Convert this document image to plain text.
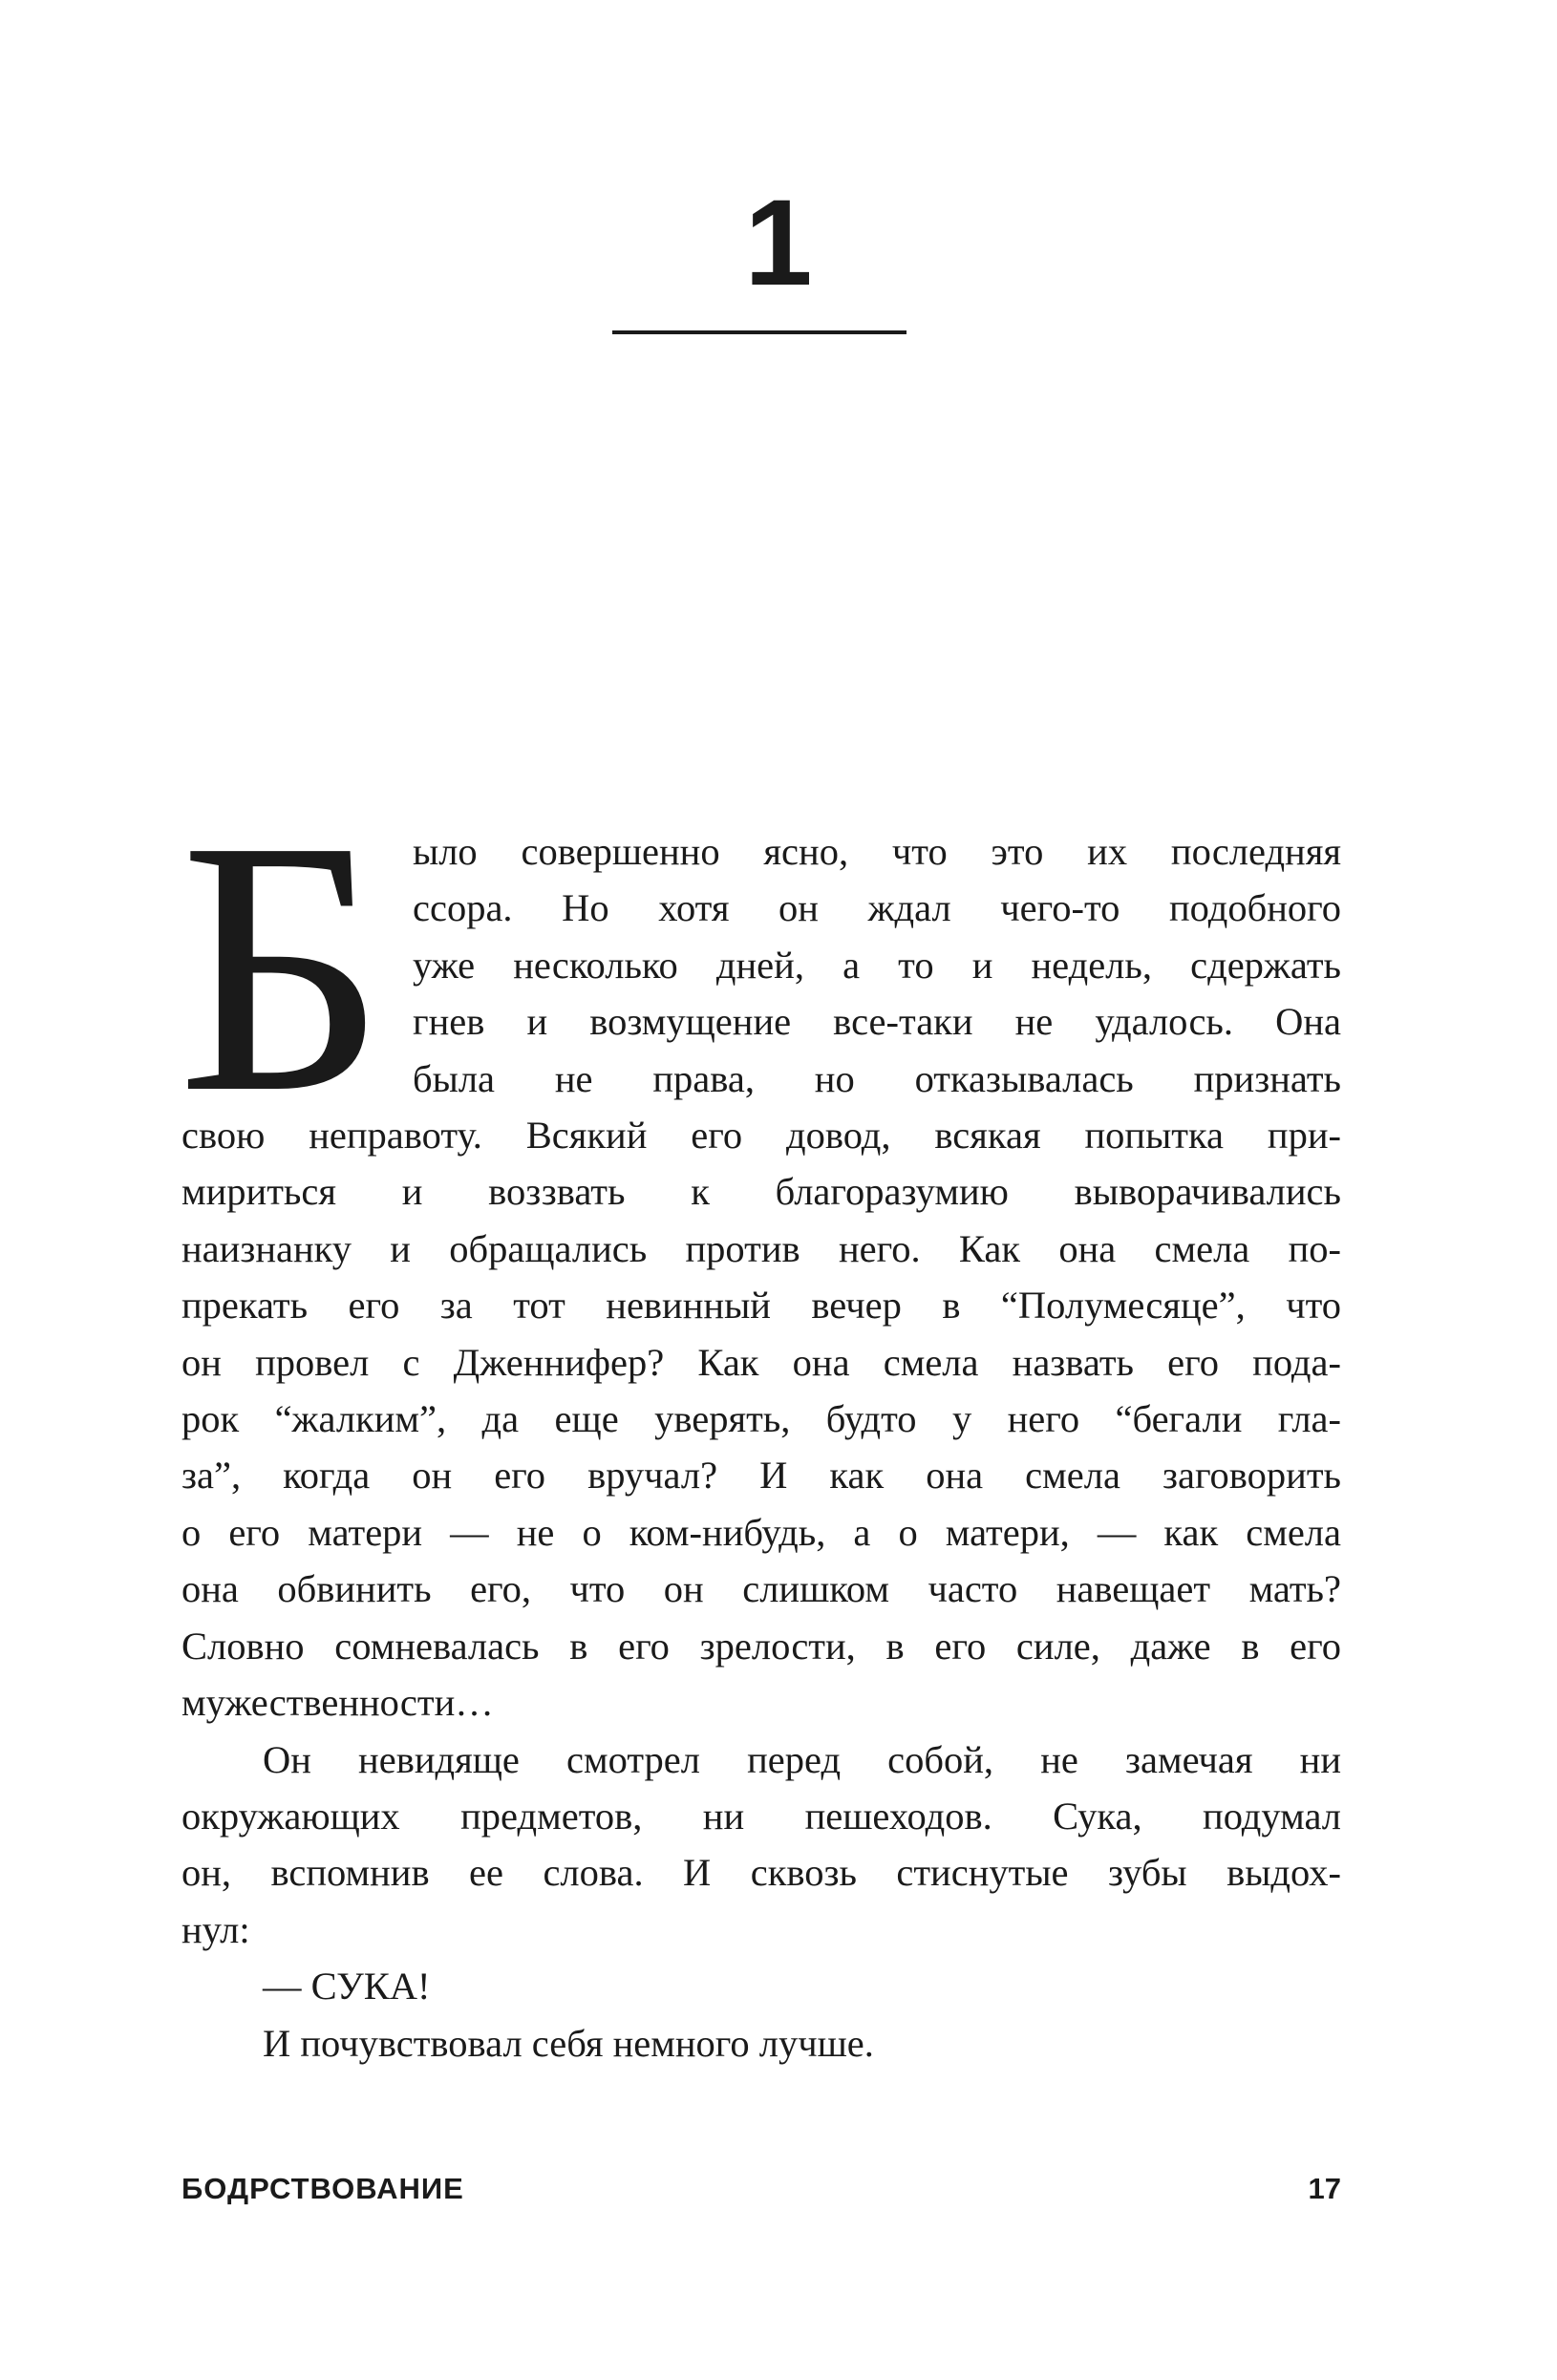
1
Б ыло совершенно ясно, что это их последняя
ссора. Но хотя он ждал чего-то подобного
уже несколько дней, а то и недель, сдержать
гнев и возмущение все-таки не удалось. Она
была не права, но отказывалась признать
свою неправоту. Всякий его довод, всякая попытка при-
мириться и воззвать к благоразумию выворачивались
наизнанку и обращались против него. Как она смела по-
прекать его за тот невинный вечер в “Полумесяце”, что
он провел с Дженнифер? Как она смела назвать его пода-
рок “жалким”, да еще уверять, будто у него “бегали гла-
за”, когда он его вручал? И как она смела заговорить
о его матери — не о ком-нибудь, а о матери, — как смела
она обвинить его, что он слишком часто навещает мать?
Словно сомневалась в его зрелости, в его силе, даже в его
мужественности…
Он невидяще смотрел перед собой, не замечая ни
окружающих предметов, ни пешеходов. Сука, подумал
он, вспомнив ее слова. И сквозь стиснутые зубы выдох-
нул:
— СУКА!
И почувствовал себя немного лучше.
БОДРСТВОВАНИЕ	17
